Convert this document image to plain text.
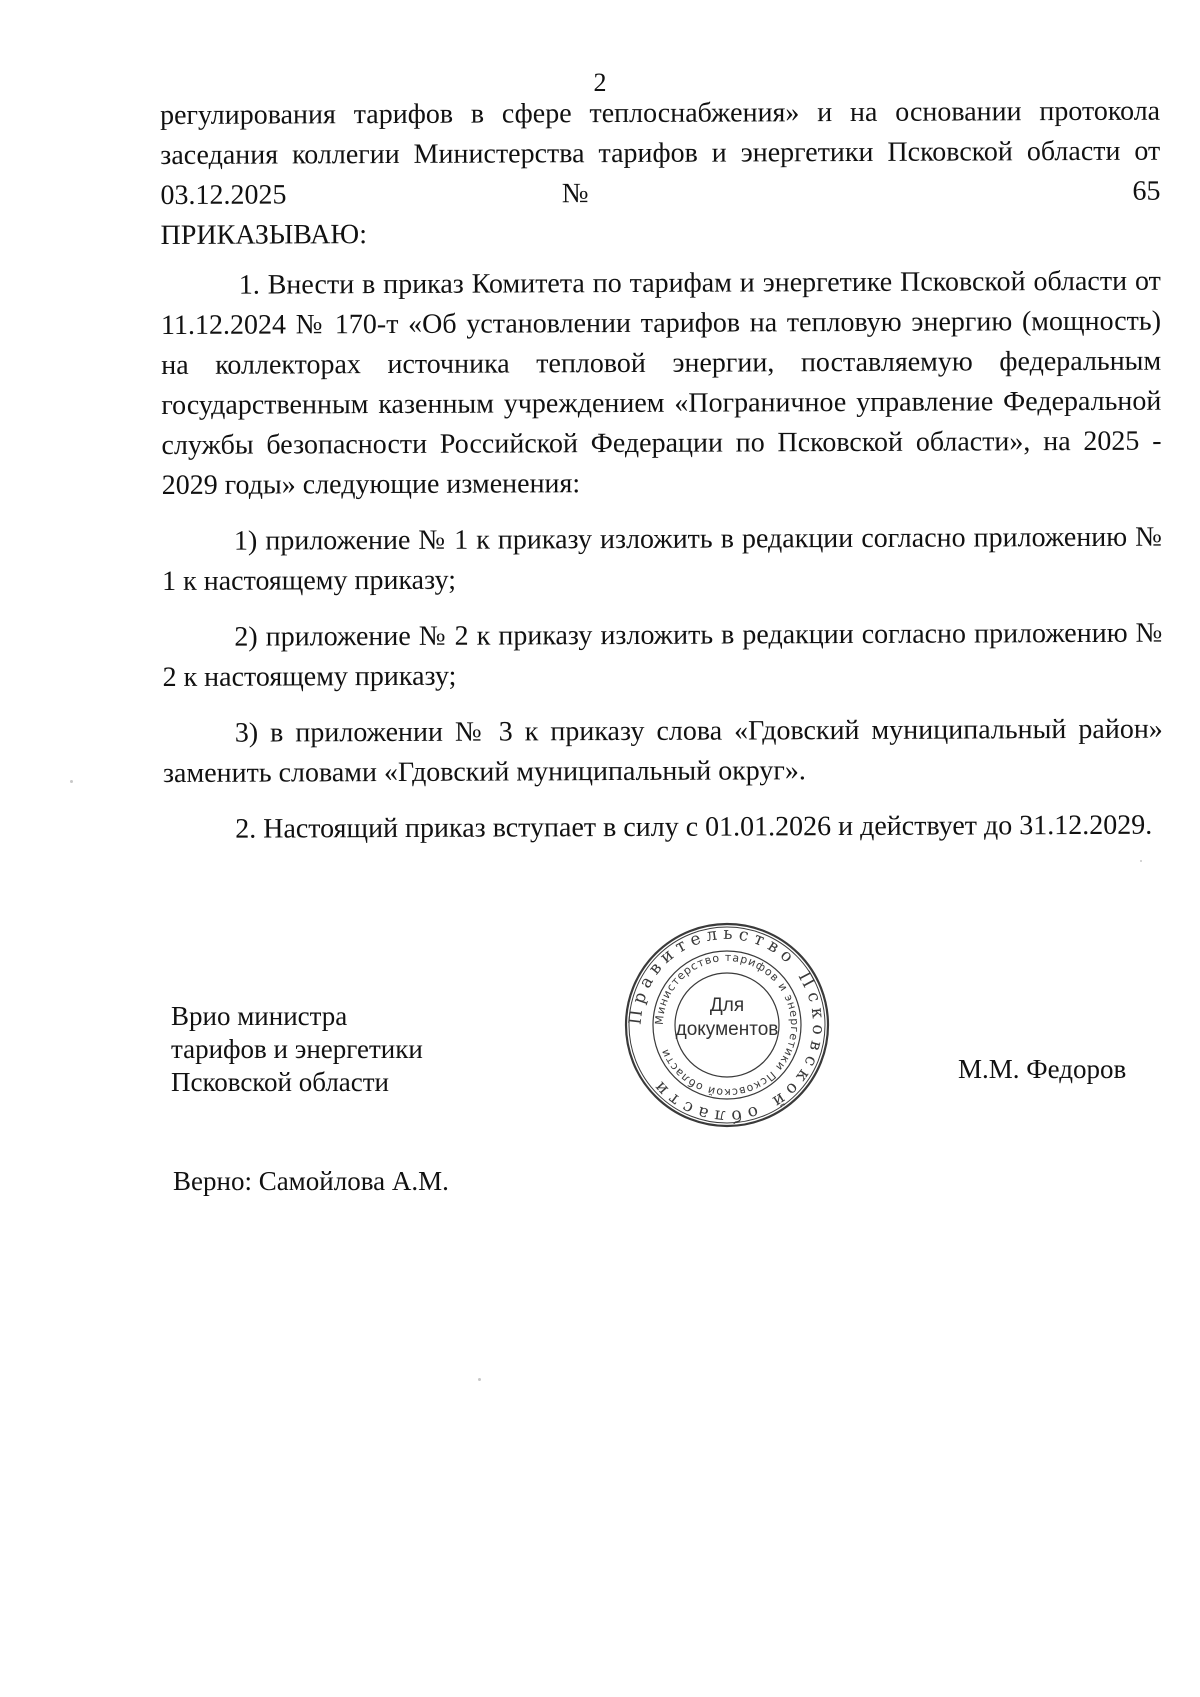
2

регулирования тарифов в сфере теплоснабжения» и на основании протокола заседания коллегии Министерства тарифов и энергетики Псковской области от 03.12.2025 № 65

ПРИКАЗЫВАЮ:

1. Внести в приказ Комитета по тарифам и энергетике Псковской области от 11.12.2024 № 170-т «Об установлении тарифов на тепловую энергию (мощность) на коллекторах источника тепловой энергии, поставляемую федеральным государственным казенным учреждением «Пограничное управление Федеральной службы безопасности Российской Федерации по Псковской области», на 2025 - 2029 годы» следующие изменения:

1) приложение № 1 к приказу изложить в редакции согласно приложению № 1 к настоящему приказу;

2) приложение № 2 к приказу изложить в редакции согласно приложению № 2 к настоящему приказу;

3) в приложении № 3 к приказу слова «Гдовский муниципальный район» заменить словами «Гдовский муниципальный округ».

2. Настоящий приказ вступает в силу с 01.01.2026 и действует до 31.12.2029.

Врио министра
тарифов и энергетики
Псковской области
Правительство Псковской области
Министерство тарифов и энергетики Псковской области
Для
документов
М.М. Федоров
Верно: Самойлова А.М.
